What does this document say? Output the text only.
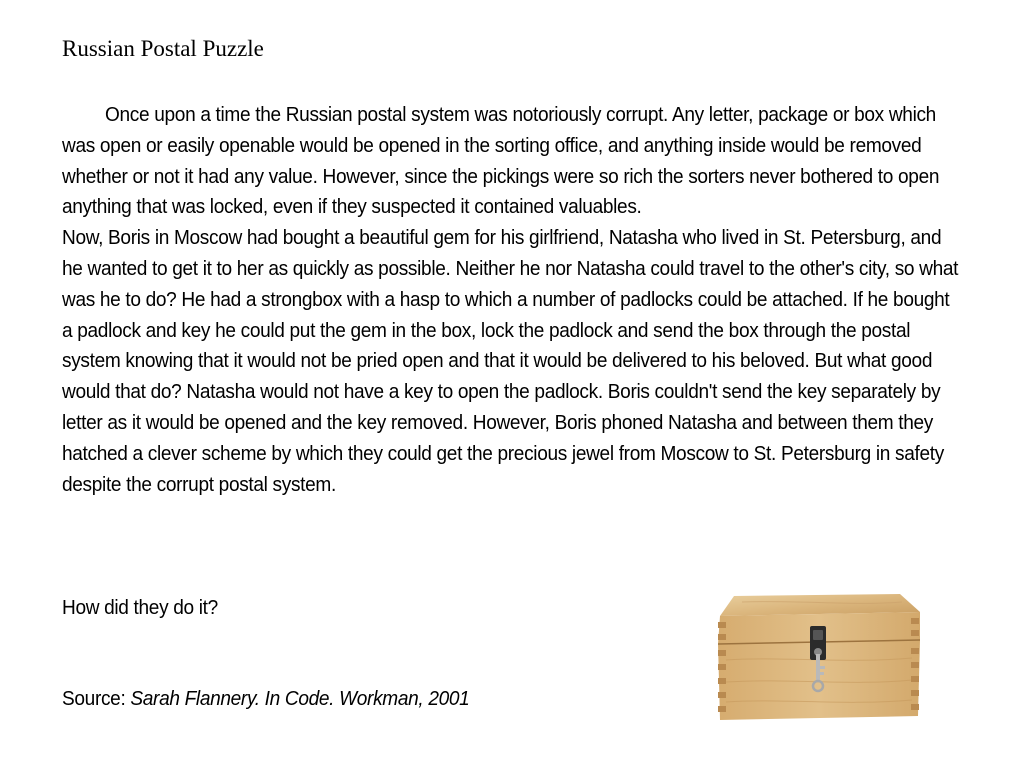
Russian Postal Puzzle

Once upon a time the Russian postal system was notoriously corrupt. Any letter, package or box which was open or easily openable would be opened in the sorting office, and anything inside would be removed whether or not it had any value. However, since the pickings were so rich the sorters never bothered to open anything that was locked, even if they suspected it contained valuables.

Now, Boris in Moscow had bought a beautiful gem for his girlfriend, Natasha who lived in St. Petersburg, and he wanted to get it to her as quickly as possible. Neither he nor Natasha could travel to the other's city, so what was he to do? He had a strongbox with a hasp to which a number of padlocks could be attached. If he bought a padlock and key he could put the gem in the box, lock the padlock and send the box through the postal system knowing that it would not be pried open and that it would be delivered to his beloved. But what good would that do? Natasha would not have a key to open the padlock. Boris couldn't send the key separately by letter as it would be opened and the key removed. However, Boris phoned Natasha and between them they hatched a clever scheme by which they could get the precious jewel from Moscow to St. Petersburg in safety despite the corrupt postal system.

How did they do it?
Source: Sarah Flannery. In Code. Workman, 2001
